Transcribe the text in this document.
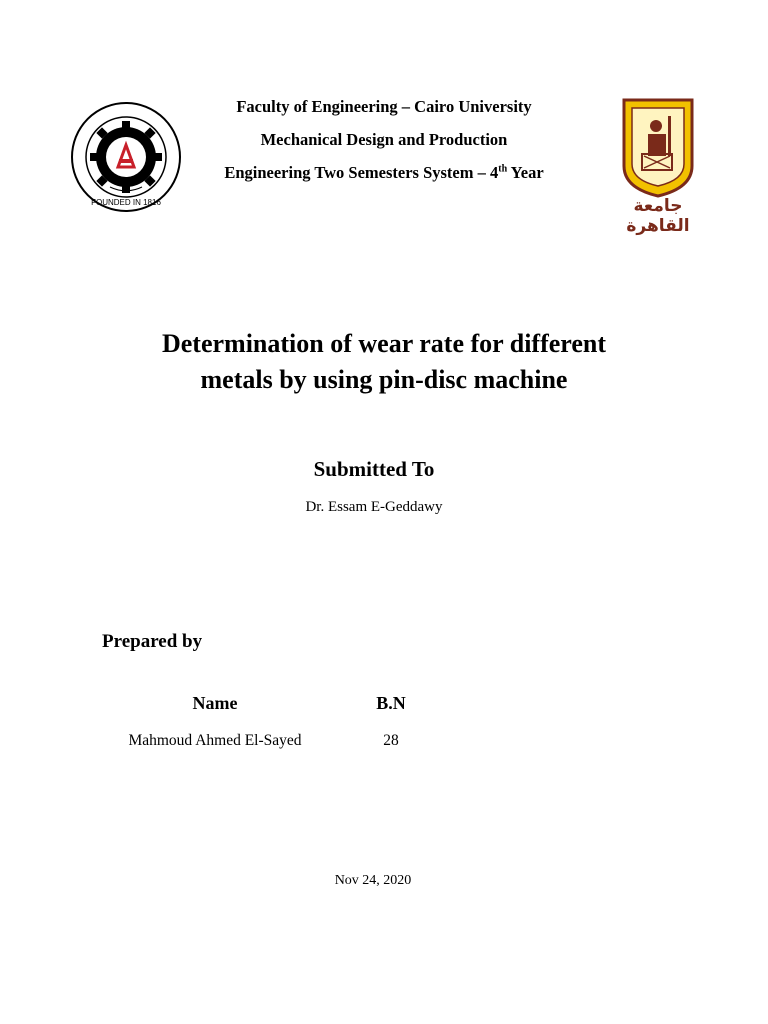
FOUNDED IN 1816	جامعة القاهرة
Faculty of Engineering – Cairo University
Mechanical Design and Production
Engineering Two Semesters System – 4th Year
Determination of wear rate for different
metals by using pin-disc machine
Submitted To
Dr. Essam E-Geddawy
Prepared by
Name	B.N
Mahmoud Ahmed El-Sayed	28
Nov 24, 2020
